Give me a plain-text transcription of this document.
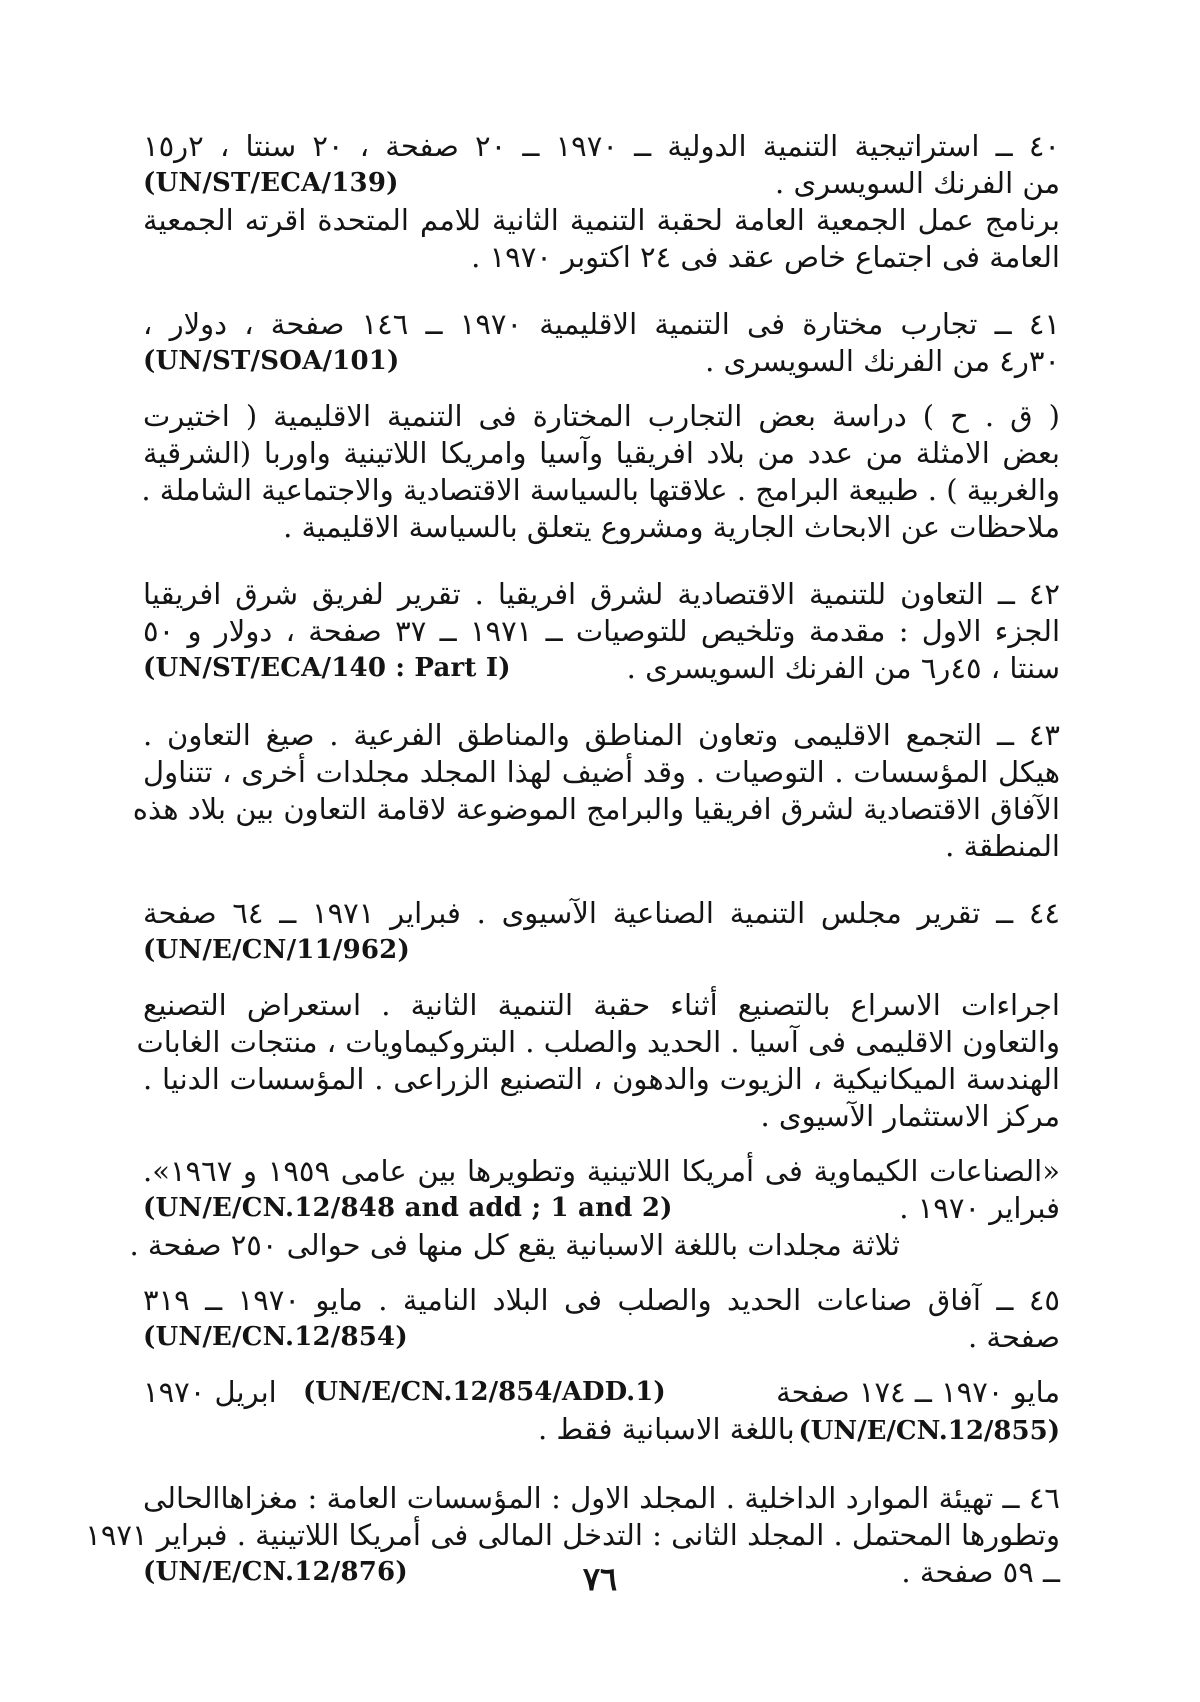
٤٠ ــ استراتيجية التنمية الدولية ــ ١٩٧٠ ــ ٢٠ صفحة ، ٢٠ سنتا ، ٢ر١٥
من الفرنك السويسرى .
(UN/ST/ECA/139)
برنامج عمل الجمعية العامة لحقبة التنمية الثانية للامم المتحدة اقرته الجمعية
العامة فى اجتماع خاص عقد فى ٢٤ اكتوبر ١٩٧٠ .
٤١ ــ تجارب مختارة فى التنمية الاقليمية ١٩٧٠ ــ ١٤٦ صفحة ، دولار ،
٣٠ر٤ من الفرنك السويسرى .
(UN/ST/SOA/101)
( ق . ح ) دراسة بعض التجارب المختارة فى التنمية الاقليمية ( اختيرت
بعض الامثلة من عدد من بلاد افريقيا وآسيا وامريكا اللاتينية واوربا (الشرقية
والغربية ) . طبيعة البرامج . علاقتها بالسياسة الاقتصادية والاجتماعية الشاملة .
ملاحظات عن الابحاث الجارية ومشروع يتعلق بالسياسة الاقليمية .
٤٢ ــ التعاون للتنمية الاقتصادية لشرق افريقيا . تقرير لفريق شرق افريقيا
الجزء الاول : مقدمة وتلخيص للتوصيات ــ ١٩٧١ ــ ٣٧ صفحة ، دولار و ٥٠
سنتا ، ٤٥ر٦ من الفرنك السويسرى .
(UN/ST/ECA/140 : Part I)
٤٣ ــ التجمع الاقليمى وتعاون المناطق والمناطق الفرعية . صيغ التعاون .
هيكل المؤسسات . التوصيات . وقد أضيف لهذا المجلد مجلدات أخرى ، تتناول
الآفاق الاقتصادية لشرق افريقيا والبرامج الموضوعة لاقامة التعاون بين بلاد هذه
المنطقة .
٤٤ ــ تقرير مجلس التنمية الصناعية الآسيوى . فبراير ١٩٧١ ــ ٦٤ صفحة
(UN/E/CN/11/962)
اجراءات الاسراع بالتصنيع أثناء حقبة التنمية الثانية . استعراض التصنيع
والتعاون الاقليمى فى آسيا . الحديد والصلب . البتروكيماويات ، منتجات الغابات
الهندسة الميكانيكية ، الزيوت والدهون ، التصنيع الزراعى . المؤسسات الدنيا .
مركز الاستثمار الآسيوى .
«الصناعات الكيماوية فى أمريكا اللاتينية وتطويرها بين عامى ١٩٥٩ و ١٩٦٧».
فبراير ١٩٧٠ .
(UN/E/CN.12/848 and add ; 1 and 2)
ثلاثة مجلدات باللغة الاسبانية يقع كل منها فى حوالى ٢٥٠ صفحة .
٤٥ ــ آفاق صناعات الحديد والصلب فى البلاد النامية . مايو ١٩٧٠ ــ ٣١٩
صفحة .
(UN/E/CN.12/854)
مايو ١٩٧٠ ــ ١٧٤ صفحة
(UN/E/CN.12/854/ADD.1)
ابريل ١٩٧٠
(UN/E/CN.12/855)
باللغة الاسبانية فقط .
٤٦ ــ تهيئة الموارد الداخلية . المجلد الاول : المؤسسات العامة : مغزاهاالحالى
وتطورها المحتمل . المجلد الثانى : التدخل المالى فى أمريكا اللاتينية . فبراير ١٩٧١
ــ ٥٩ صفحة .
(UN/E/CN.12/876)	٧٦
